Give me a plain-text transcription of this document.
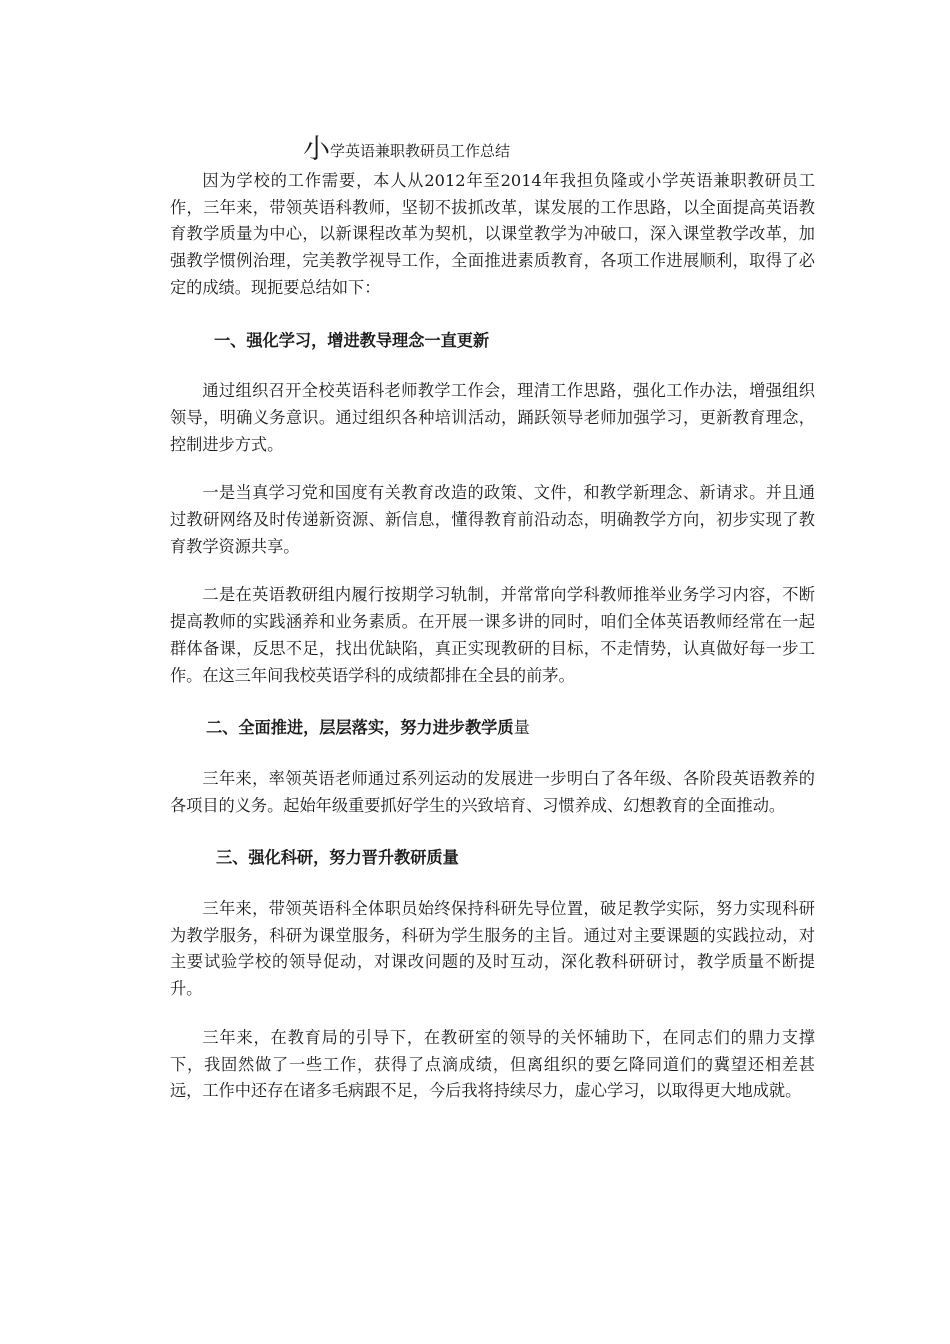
小学英语兼职教研员工作总结

因为学校的工作需要，本人从2012年至2014年我担负隆或小学英语兼职教研员工作，三年来，带领英语科教师，坚韧不拔抓改革，谋发展的工作思路，以全面提高英语教育教学质量为中心，以新课程改革为契机，以课堂教学为冲破口，深入课堂教学改革，加强教学惯例治理，完美教学视导工作，全面推进素质教育，各项工作进展顺利，取得了必定的成绩。现扼要总结如下：

一、强化学习，增进教导理念一直更新

通过组织召开全校英语科老师教学工作会，理清工作思路，强化工作办法，增强组织领导，明确义务意识。通过组织各种培训活动，踊跃领导老师加强学习，更新教育理念，控制进步方式。

一是当真学习党和国度有关教育改造的政策、文件，和教学新理念、新请求。并且通过教研网络及时传递新资源、新信息，懂得教育前沿动态，明确教学方向，初步实现了教育教学资源共享。

二是在英语教研组内履行按期学习轨制，并常常向学科教师推举业务学习内容，不断提高教师的实践涵养和业务素质。在开展一课多讲的同时，咱们全体英语教师经常在一起群体备课，反思不足，找出优缺陷，真正实现教研的目标，不走情势，认真做好每一步工作。在这三年间我校英语学科的成绩都排在全县的前茅。

二、全面推进，层层落实，努力进步教学质量

三年来，率领英语老师通过系列运动的发展进一步明白了各年级、各阶段英语教养的各项目的义务。起始年级重要抓好学生的兴致培育、习惯养成、幻想教育的全面推动。

三、强化科研，努力晋升教研质量

三年来，带领英语科全体职员始终保持科研先导位置，破足教学实际，努力实现科研为教学服务，科研为课堂服务，科研为学生服务的主旨。通过对主要课题的实践拉动，对主要试验学校的领导促动，对课改问题的及时互动，深化教科研研讨，教学质量不断提升。

三年来，在教育局的引导下，在教研室的领导的关怀辅助下，在同志们的鼎力支撑下，我固然做了一些工作，获得了点滴成绩，但离组织的要乞降同道们的冀望还相差甚远，工作中还存在诸多毛病跟不足，今后我将持续尽力，虚心学习，以取得更大地成就。
